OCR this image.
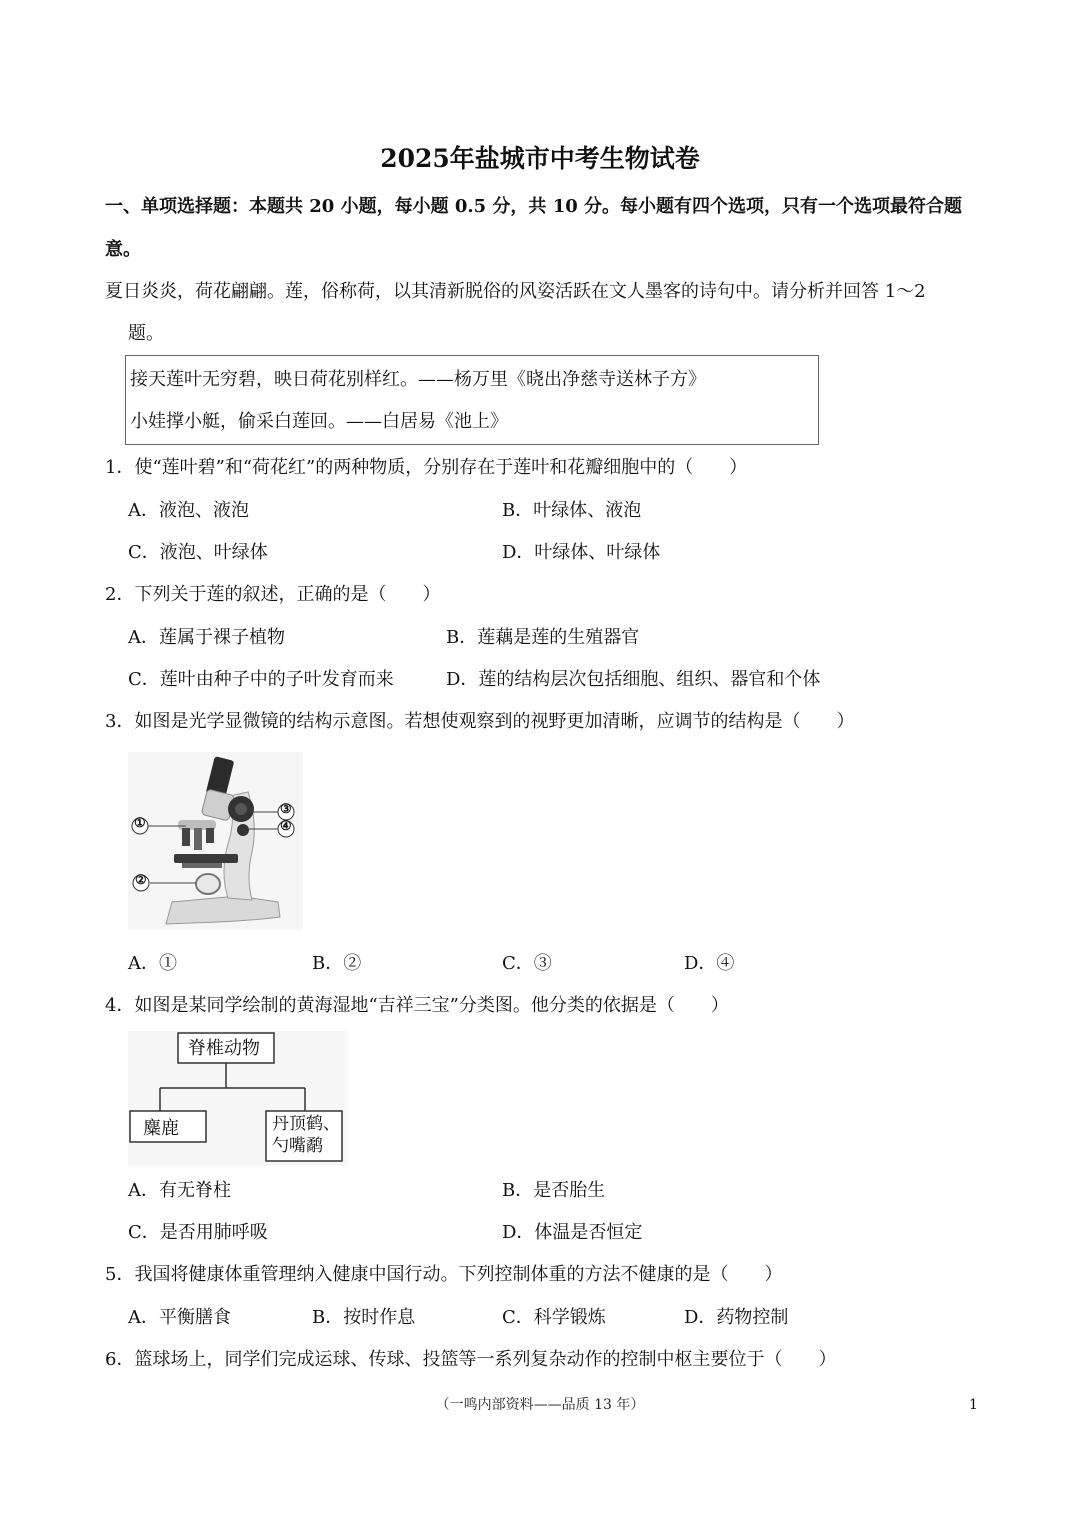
2025年盐城市中考生物试卷
一、单项选择题：本题共 20 小题，每小题 0.5 分，共 10 分。每小题有四个选项，只有一个选项最符合题
意。
夏日炎炎，荷花翩翩。莲，俗称荷，以其清新脱俗的风姿活跃在文人墨客的诗句中。请分析并回答 1～2
题。
接天莲叶无穷碧，映日荷花别样红。——杨万里《晓出净慈寺送林子方》
小娃撑小艇，偷采白莲回。——白居易《池上》
1．使“莲叶碧”和“荷花红”的两种物质，分别存在于莲叶和花瓣细胞中的（　　）
A．液泡、液泡	B．叶绿体、液泡
C．液泡、叶绿体	D．叶绿体、叶绿体
2．下列关于莲的叙述，正确的是（　　）
A．莲属于裸子植物	B．莲藕是莲的生殖器官
C．莲叶由种子中的子叶发育而来	D．莲的结构层次包括细胞、组织、器官和个体
3．如图是光学显微镜的结构示意图。若想使观察到的视野更加清晰，应调节的结构是（　　）
①
②
③
④
A．①	B．②	C．③	D．④
4．如图是某同学绘制的黄海湿地“吉祥三宝”分类图。他分类的依据是（　　）
脊椎动物
麋鹿	丹顶鹤、
勺嘴鹬
A．有无脊柱	B．是否胎生
C．是否用肺呼吸	D．体温是否恒定
5．我国将健康体重管理纳入健康中国行动。下列控制体重的方法不健康的是（　　）
A．平衡膳食	B．按时作息	C．科学锻炼	D．药物控制
6．篮球场上，同学们完成运球、传球、投篮等一系列复杂动作的控制中枢主要位于（　　）
（一鸣内部资料——品质 13 年）	1
